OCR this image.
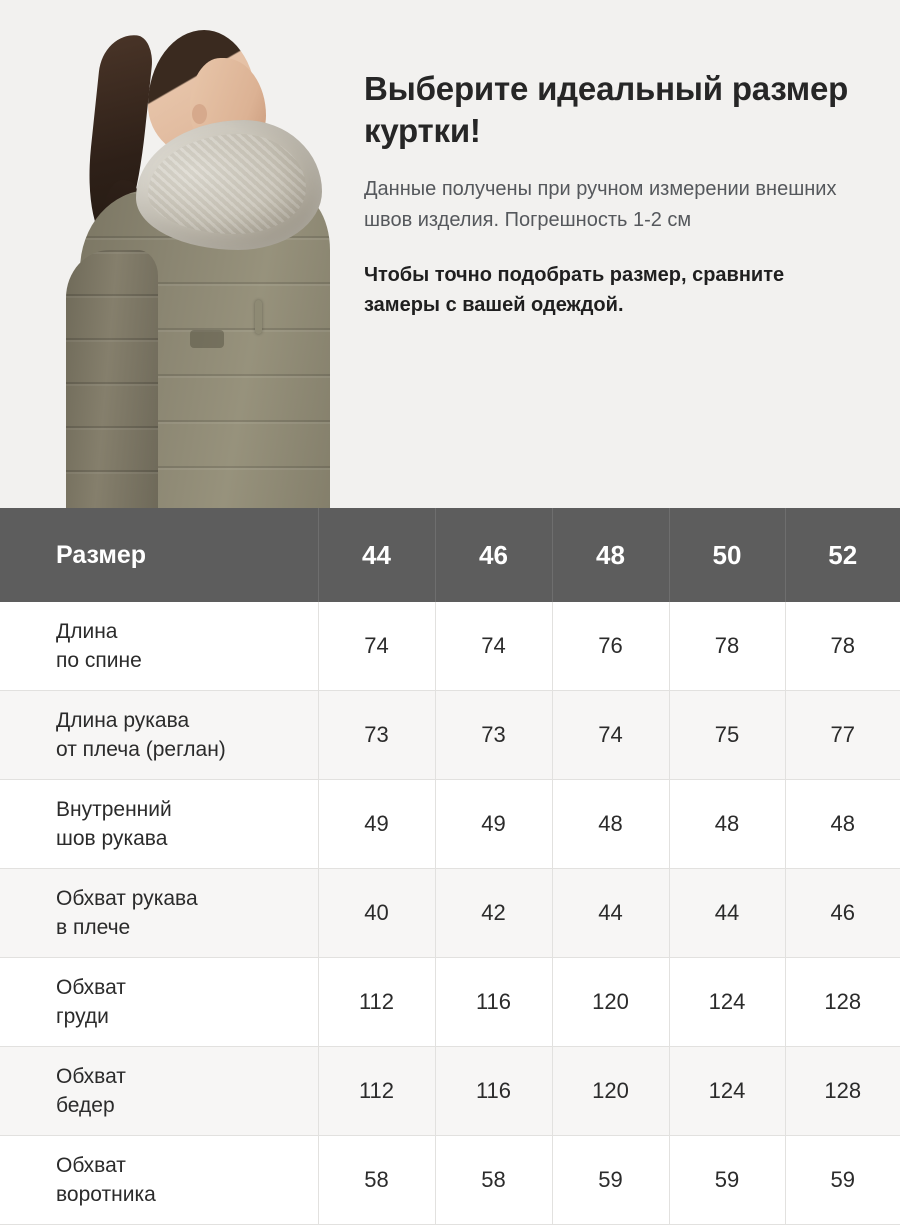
Выберите идеальный размер куртки!

Данные получены при ручном измерении внешних швов изделия. Погрешность 1-2 см

Чтобы точно подобрать размер, сравните замеры с вашей одеждой.

Размер	44	46	48	50	52
Длина
по спине	74	74	76	78	78
Длина рукава
от плеча (реглан)	73	73	74	75	77
Внутренний
шов рукава	49	49	48	48	48
Обхват рукава
в плече	40	42	44	44	46
Обхват
груди	112	116	120	124	128
Обхват
бедер	112	116	120	124	128
Обхват
воротника	58	58	59	59	59
